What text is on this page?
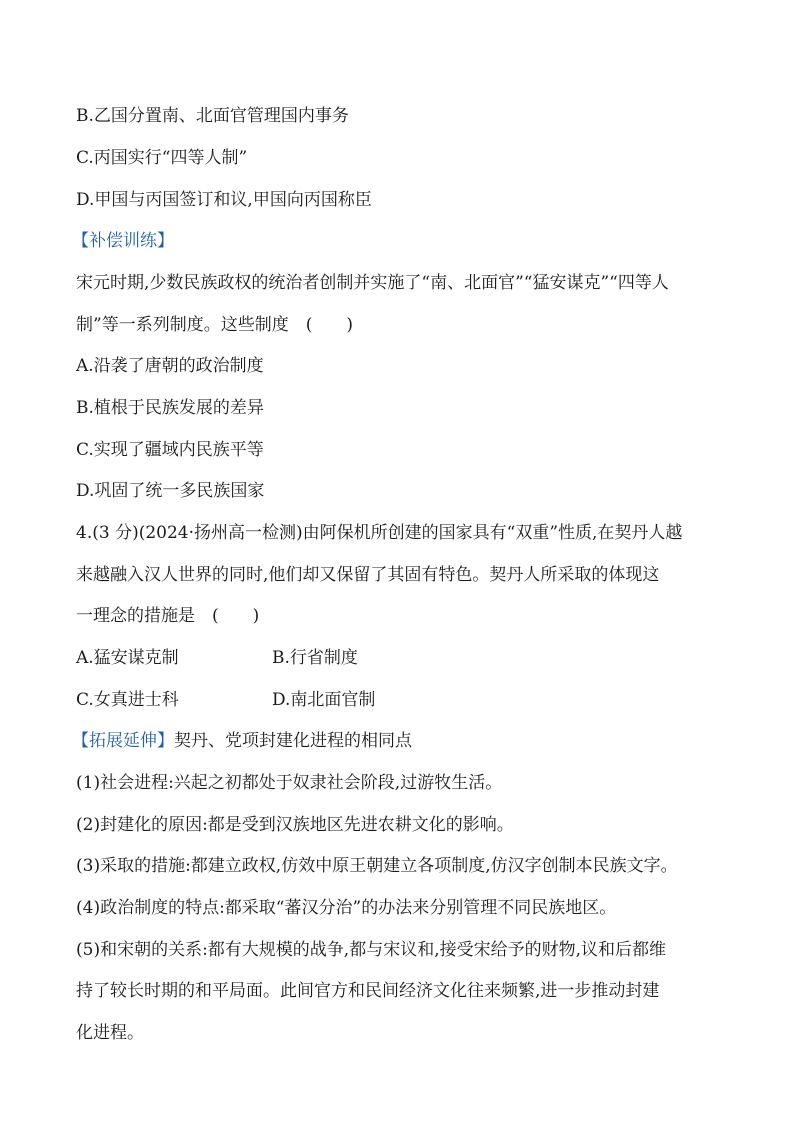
B.乙国分置南、北面官管理国内事务
C.丙国实行“四等人制”
D.甲国与丙国签订和议,甲国向丙国称臣
【补偿训练】
宋元时期,少数民族政权的统治者创制并实施了“南、北面官”“猛安谋克”“四等人
制”等一系列制度。这些制度　(　　)
A.沿袭了唐朝的政治制度
B.植根于民族发展的差异
C.实现了疆域内民族平等
D.巩固了统一多民族国家
4.(3 分)(2024·扬州高一检测)由阿保机所创建的国家具有“双重”性质,在契丹人越
来越融入汉人世界的同时,他们却又保留了其固有特色。契丹人所采取的体现这
一理念的措施是　(　　)
A.猛安谋克制	B.行省制度
C.女真进士科	D.南北面官制
【拓展延伸】契丹、党项封建化进程的相同点
(1)社会进程:兴起之初都处于奴隶社会阶段,过游牧生活。
(2)封建化的原因:都是受到汉族地区先进农耕文化的影响。
(3)采取的措施:都建立政权,仿效中原王朝建立各项制度,仿汉字创制本民族文字。
(4)政治制度的特点:都采取“蕃汉分治”的办法来分别管理不同民族地区。
(5)和宋朝的关系:都有大规模的战争,都与宋议和,接受宋给予的财物,议和后都维
持了较长时期的和平局面。此间官方和民间经济文化往来频繁,进一步推动封建
化进程。
